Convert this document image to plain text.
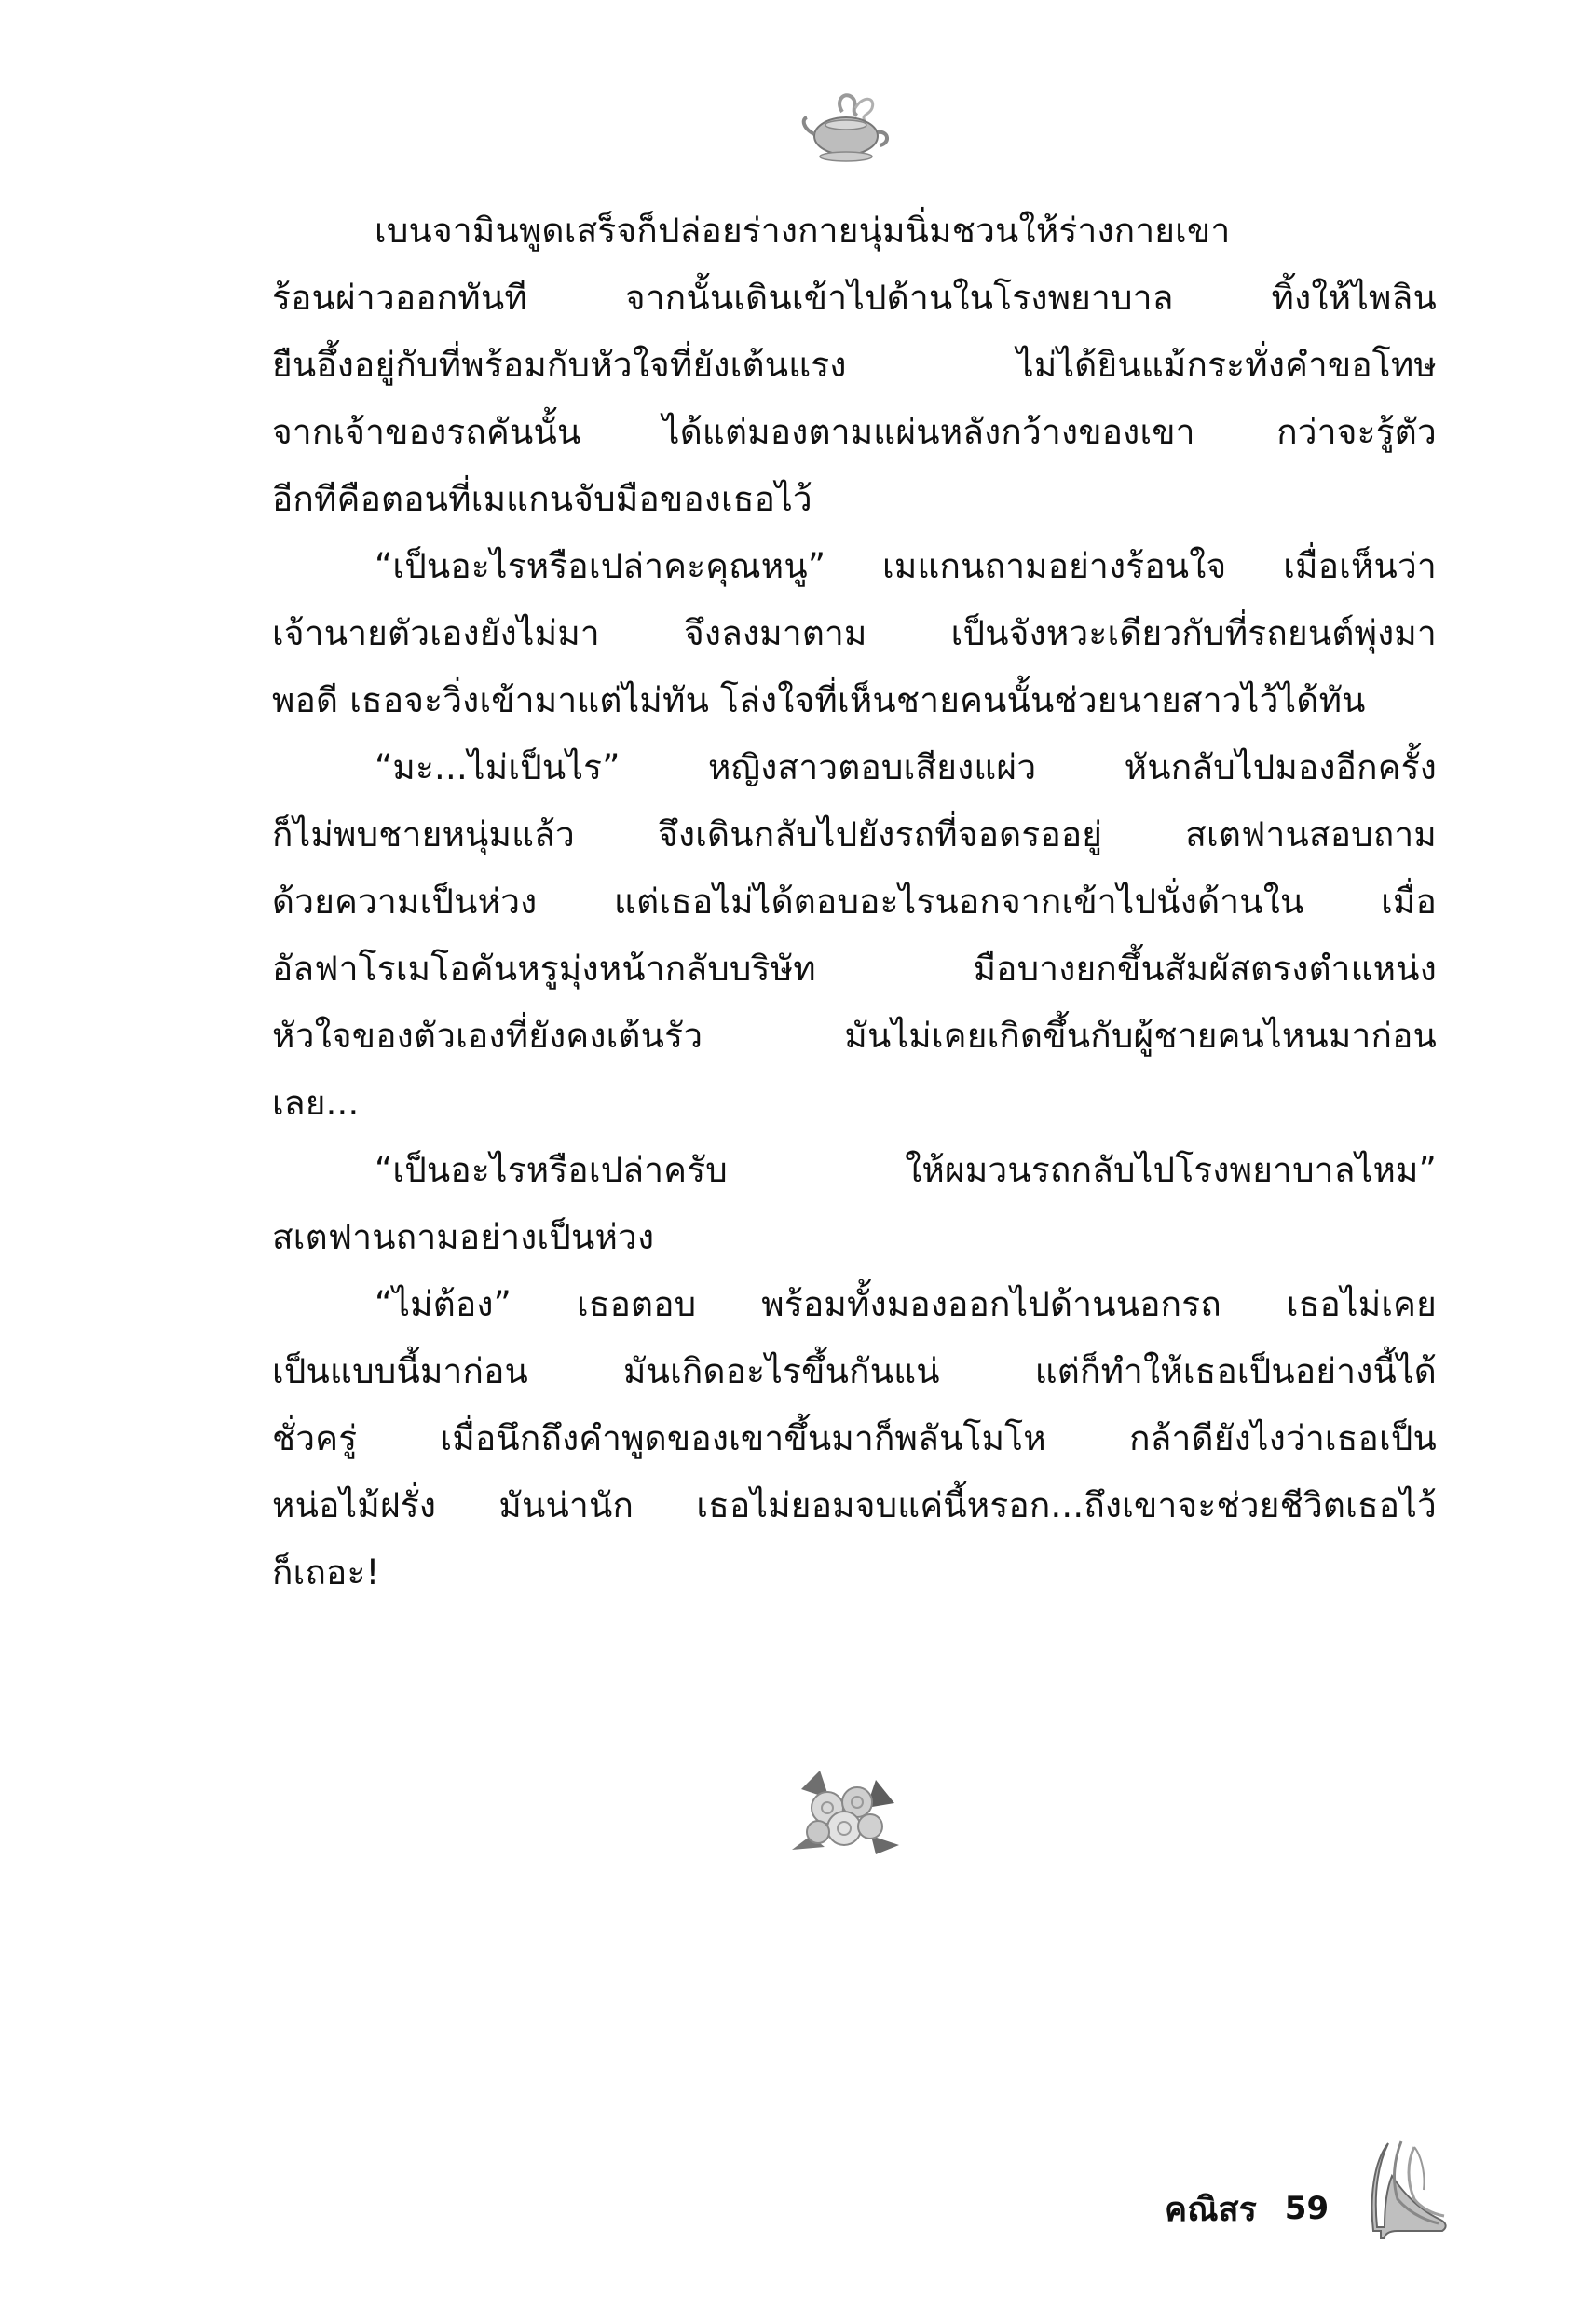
เบนจามินพูดเสร็จก็ปล่อยร่างกายนุ่มนิ่มชวนให้ร่างกายเขา
ร้อนผ่าวออกทันที จากนั้นเดินเข้าไปด้านในโรงพยาบาล ทิ้งให้ไพลิน
ยืนอึ้งอยู่กับที่พร้อมกับหัวใจที่ยังเต้นแรง ไม่ได้ยินแม้กระทั่งคำขอโทษ
จากเจ้าของรถคันนั้น ได้แต่มองตามแผ่นหลังกว้างของเขา กว่าจะรู้ตัว
อีกทีคือตอนที่เมแกนจับมือของเธอไว้
“เป็นอะไรหรือเปล่าคะคุณหนู” เมแกนถามอย่างร้อนใจ เมื่อเห็นว่า
เจ้านายตัวเองยังไม่มา จึงลงมาตาม เป็นจังหวะเดียวกับที่รถยนต์พุ่งมา
พอดี เธอจะวิ่งเข้ามาแต่ไม่ทัน โล่งใจที่เห็นชายคนนั้นช่วยนายสาวไว้ได้ทัน
“มะ...ไม่เป็นไร” หญิงสาวตอบเสียงแผ่ว หันกลับไปมองอีกครั้ง
ก็ไม่พบชายหนุ่มแล้ว จึงเดินกลับไปยังรถที่จอดรออยู่ สเตฟานสอบถาม
ด้วยความเป็นห่วง แต่เธอไม่ได้ตอบอะไรนอกจากเข้าไปนั่งด้านใน เมื่อ
อัลฟาโรเมโอคันหรูมุ่งหน้ากลับบริษัท มือบางยกขึ้นสัมผัสตรงตำแหน่ง
หัวใจของตัวเองที่ยังคงเต้นรัว มันไม่เคยเกิดขึ้นกับผู้ชายคนไหนมาก่อน
เลย...
“เป็นอะไรหรือเปล่าครับ ให้ผมวนรถกลับไปโรงพยาบาลไหม”
สเตฟานถามอย่างเป็นห่วง
“ไม่ต้อง” เธอตอบ พร้อมทั้งมองออกไปด้านนอกรถ เธอไม่เคย
เป็นแบบนี้มาก่อน มันเกิดอะไรขึ้นกันแน่ แต่ก็ทำให้เธอเป็นอย่างนี้ได้
ชั่วครู่ เมื่อนึกถึงคำพูดของเขาขึ้นมาก็พลันโมโห กล้าดียังไงว่าเธอเป็น
หน่อไม้ฝรั่ง มันน่านัก เธอไม่ยอมจบแค่นี้หรอก...ถึงเขาจะช่วยชีวิตเธอไว้
ก็เถอะ!
คณิสร 59
